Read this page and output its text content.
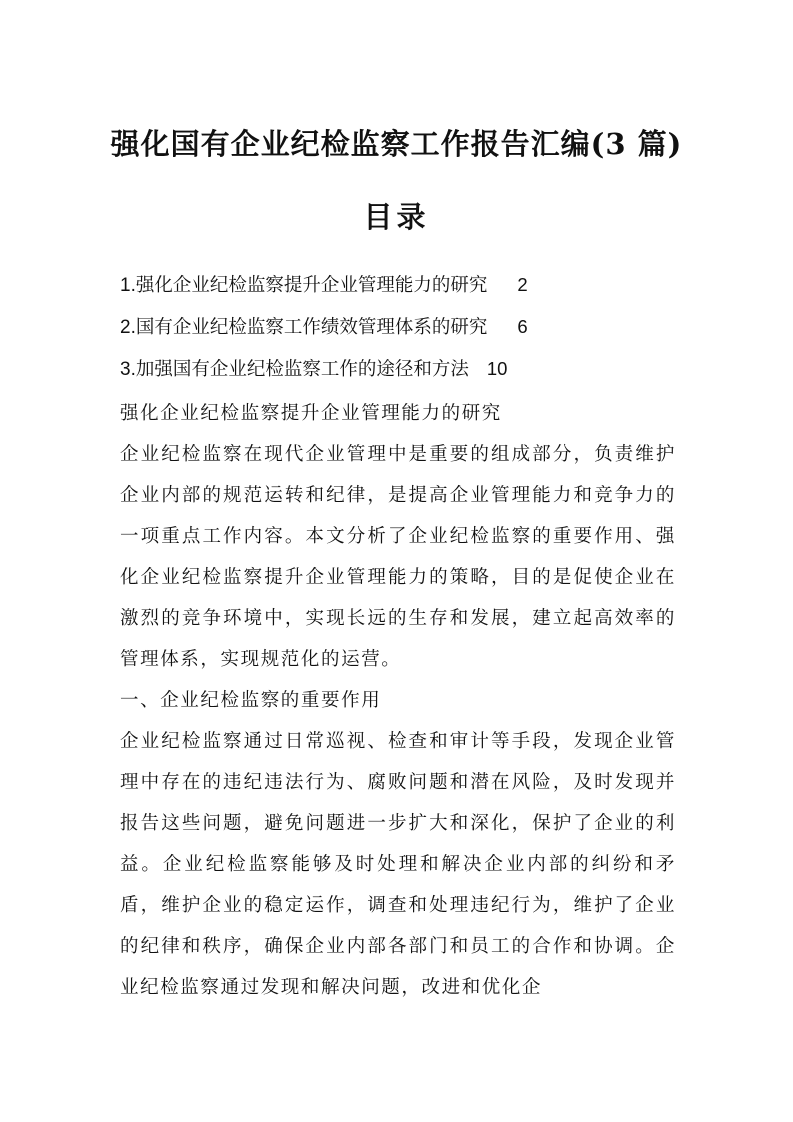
强化国有企业纪检监察工作报告汇编(3 篇)
目录
1.强化企业纪检监察提升企业管理能力的研究 2
2.国有企业纪检监察工作绩效管理体系的研究 6
3.加强国有企业纪检监察工作的途径和方法 10

强化企业纪检监察提升企业管理能力的研究

企业纪检监察在现代企业管理中是重要的组成部分，负责维护企业内部的规范运转和纪律，是提高企业管理能力和竞争力的一项重点工作内容。本文分析了企业纪检监察的重要作用、强化企业纪检监察提升企业管理能力的策略，目的是促使企业在激烈的竞争环境中，实现长远的生存和发展，建立起高效率的管理体系，实现规范化的运营。

一、企业纪检监察的重要作用

企业纪检监察通过日常巡视、检查和审计等手段，发现企业管理中存在的违纪违法行为、腐败问题和潜在风险，及时发现并报告这些问题，避免问题进一步扩大和深化，保护了企业的利益。企业纪检监察能够及时处理和解决企业内部的纠纷和矛盾，维护企业的稳定运作，调查和处理违纪行为，维护了企业的纪律和秩序，确保企业内部各部门和员工的合作和协调。企业纪检监察通过发现和解决问题，改进和优化企
